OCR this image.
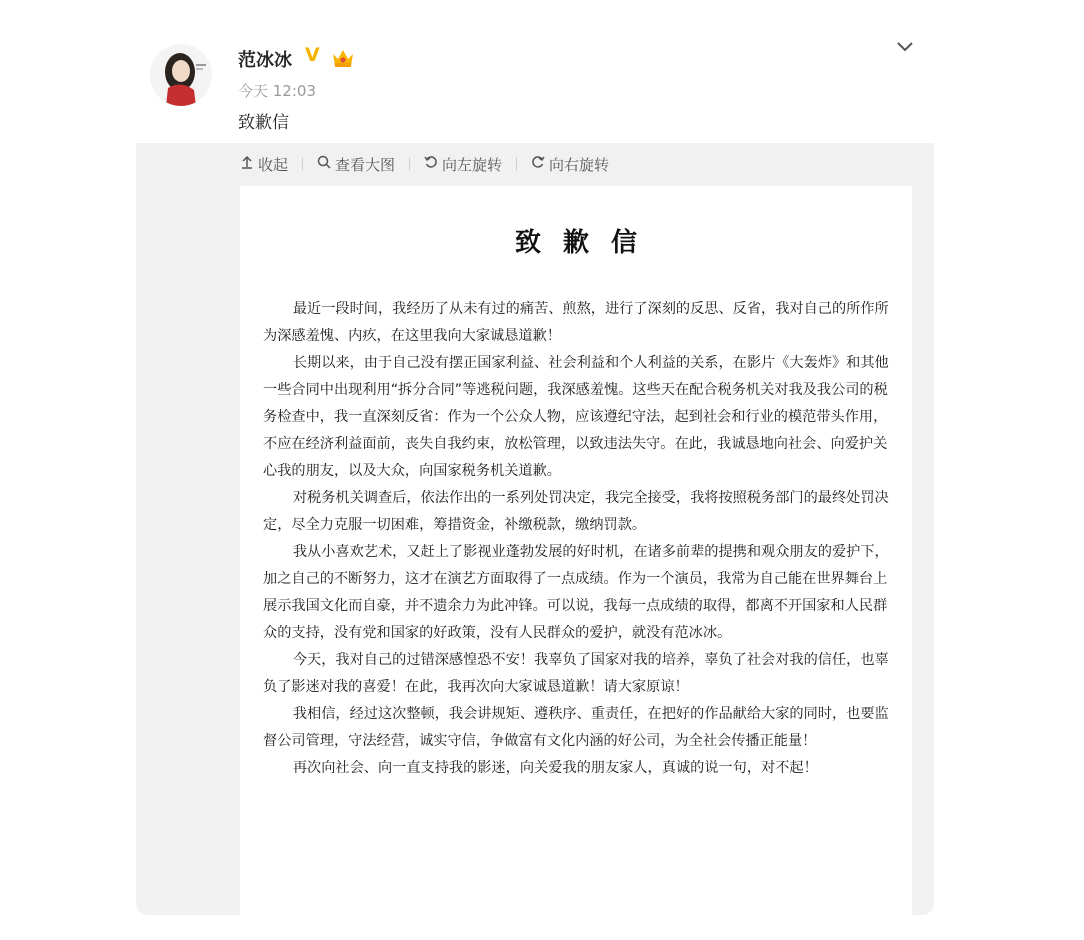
范冰冰 V
今天 12:03
致歉信
收起	查看大图	向左旋转	向右旋转
致歉信

最近一段时间，我经历了从未有过的痛苦、煎熬，进行了深刻的反思、反省，我对自己的所作所为深感羞愧、内疚，在这里我向大家诚恳道歉！

长期以来，由于自己没有摆正国家利益、社会利益和个人利益的关系，在影片《大轰炸》和其他一些合同中出现利用“拆分合同”等逃税问题，我深感羞愧。这些天在配合税务机关对我及我公司的税务检查中，我一直深刻反省：作为一个公众人物，应该遵纪守法，起到社会和行业的模范带头作用，不应在经济利益面前，丧失自我约束，放松管理，以致违法失守。在此，我诚恳地向社会、向爱护关心我的朋友，以及大众，向国家税务机关道歉。

对税务机关调查后，依法作出的一系列处罚决定，我完全接受，我将按照税务部门的最终处罚决定，尽全力克服一切困难，筹措资金，补缴税款，缴纳罚款。

我从小喜欢艺术，又赶上了影视业蓬勃发展的好时机，在诸多前辈的提携和观众朋友的爱护下，加之自己的不断努力，这才在演艺方面取得了一点成绩。作为一个演员，我常为自己能在世界舞台上展示我国文化而自豪，并不遗余力为此冲锋。可以说，我每一点成绩的取得，都离不开国家和人民群众的支持，没有党和国家的好政策，没有人民群众的爱护，就没有范冰冰。

今天，我对自己的过错深感惶恐不安！我辜负了国家对我的培养，辜负了社会对我的信任，也辜负了影迷对我的喜爱！在此，我再次向大家诚恳道歉！请大家原谅！

我相信，经过这次整顿，我会讲规矩、遵秩序、重责任，在把好的作品献给大家的同时，也要监督公司管理，守法经营，诚实守信，争做富有文化内涵的好公司，为全社会传播正能量！

再次向社会、向一直支持我的影迷，向关爱我的朋友家人，真诚的说一句，对不起！
